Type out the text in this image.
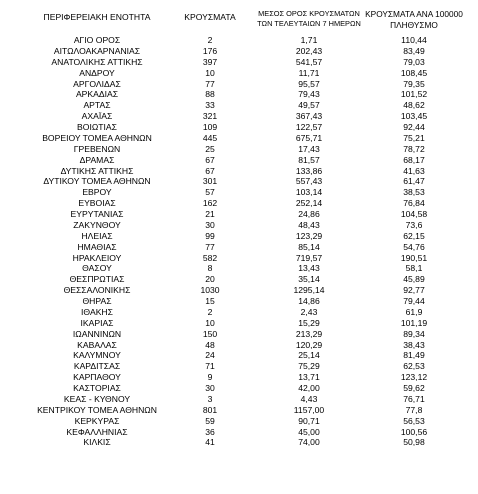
ΠΕΡΙΦΕΡΕΙΑΚΗ ΕΝΟΤΗΤΑ	ΚΡΟΥΣΜΑΤΑ	ΜΕΣΟΣ ΟΡΟΣ ΚΡΟΥΣΜΑΤΩΝ
ΤΩΝ ΤΕΛΕΥΤΑΙΩΝ 7 ΗΜΕΡΩΝ
ΚΡΟΥΣΜΑΤΑ ΑΝΑ 100000
ΠΛΗΘΥΣΜΟ
ΑΓΙΟ ΟΡΟΣ	2	1,71	110,44
ΑΙΤΩΛΟΑΚΑΡΝΑΝΙΑΣ	176	202,43	83,49
ΑΝΑΤΟΛΙΚΗΣ ΑΤΤΙΚΗΣ	397	541,57	79,03
ΑΝΔΡΟΥ	10	11,71	108,45
ΑΡΓΟΛΙΔΑΣ	77	95,57	79,35
ΑΡΚΑΔΙΑΣ	88	79,43	101,52
ΑΡΤΑΣ	33	49,57	48,62
ΑΧΑΪΑΣ	321	367,43	103,45
ΒΟΙΩΤΙΑΣ	109	122,57	92,44
ΒΟΡΕΙΟΥ ΤΟΜΕΑ ΑΘΗΝΩΝ	445	675,71	75,21
ΓΡΕΒΕΝΩΝ	25	17,43	78,72
ΔΡΑΜΑΣ	67	81,57	68,17
ΔΥΤΙΚΗΣ ΑΤΤΙΚΗΣ	67	133,86	41,63
ΔΥΤΙΚΟΥ ΤΟΜΕΑ ΑΘΗΝΩΝ	301	557,43	61,47
ΕΒΡΟΥ	57	103,14	38,53
ΕΥΒΟΙΑΣ	162	252,14	76,84
ΕΥΡΥΤΑΝΙΑΣ	21	24,86	104,58
ΖΑΚΥΝΘΟΥ	30	48,43	73,6
ΗΛΕΙΑΣ	99	123,29	62,15
ΗΜΑΘΙΑΣ	77	85,14	54,76
ΗΡΑΚΛΕΙΟΥ	582	719,57	190,51
ΘΑΣΟΥ	8	13,43	58,1
ΘΕΣΠΡΩΤΙΑΣ	20	35,14	45,89
ΘΕΣΣΑΛΟΝΙΚΗΣ	1030	1295,14	92,77
ΘΗΡΑΣ	15	14,86	79,44
ΙΘΑΚΗΣ	2	2,43	61,9
ΙΚΑΡΙΑΣ	10	15,29	101,19
ΙΩΑΝΝΙΝΩΝ	150	213,29	89,34
ΚΑΒΑΛΑΣ	48	120,29	38,43
ΚΑΛΥΜΝΟΥ	24	25,14	81,49
ΚΑΡΔΙΤΣΑΣ	71	75,29	62,53
ΚΑΡΠΑΘΟΥ	9	13,71	123,12
ΚΑΣΤΟΡΙΑΣ	30	42,00	59,62
ΚΕΑΣ - ΚΥΘΝΟΥ	3	4,43	76,71
ΚΕΝΤΡΙΚΟΥ ΤΟΜΕΑ ΑΘΗΝΩΝ	801	1157,00	77,8
ΚΕΡΚΥΡΑΣ	59	90,71	56,53
ΚΕΦΑΛΛΗΝΙΑΣ	36	45,00	100,56
ΚΙΛΚΙΣ	41	74,00	50,98
